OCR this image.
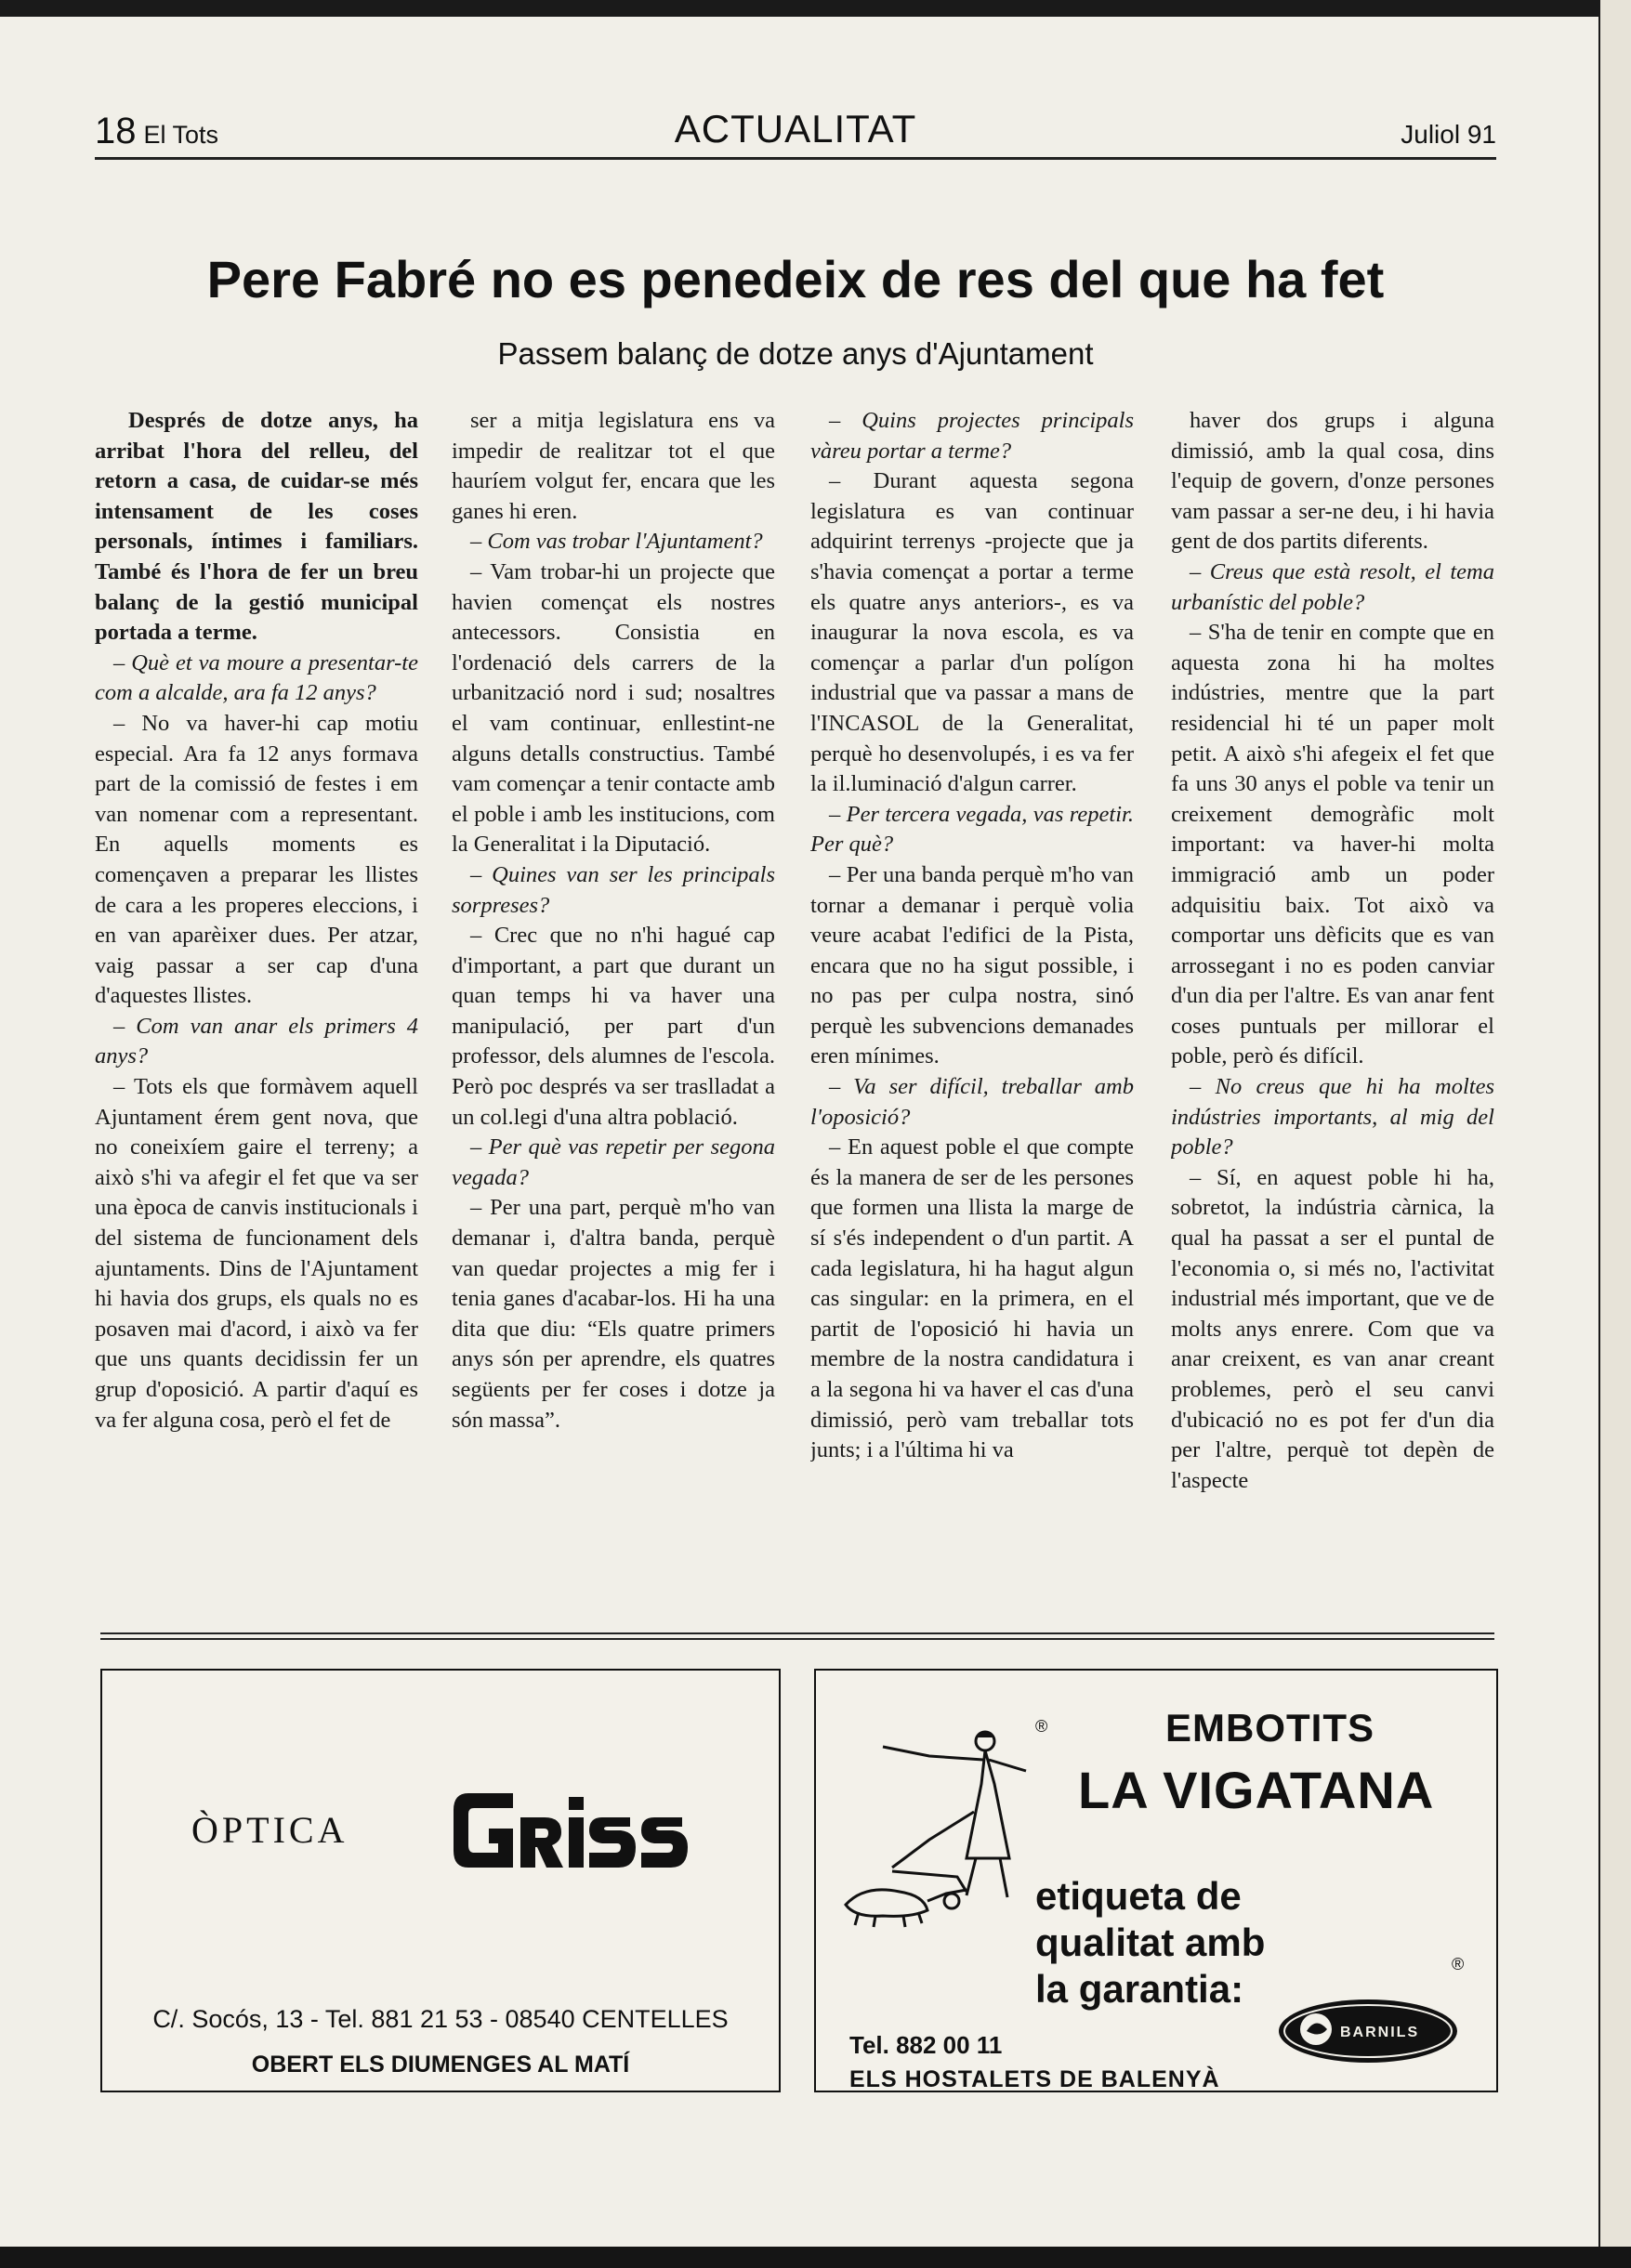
18 El Tots	ACTUALITAT	Juliol 91
Pere Fabré no es penedeix de res del que ha fet
Passem balanç de dotze anys d'Ajuntament

Després de dotze anys, ha arribat l'hora del relleu, del retorn a casa, de cuidar-se més intensament de les coses personals, íntimes i familiars. També és l'hora de fer un breu balanç de la gestió municipal portada a terme.

– Què et va moure a presentar-te com a alcalde, ara fa 12 anys?

– No va haver-hi cap motiu especial. Ara fa 12 anys formava part de la comissió de festes i em van nomenar com a representant. En aquells moments es començaven a preparar les llistes de cara a les properes eleccions, i en van aparèixer dues. Per atzar, vaig passar a ser cap d'una d'aquestes llistes.

– Com van anar els primers 4 anys?

– Tots els que formàvem aquell Ajuntament érem gent nova, que no coneixíem gaire el terreny; a això s'hi va afegir el fet que va ser una època de canvis institucionals i del sistema de funcionament dels ajuntaments. Dins de l'Ajuntament hi havia dos grups, els quals no es posaven mai d'acord, i això va fer que uns quants decidissin fer un grup d'oposició. A partir d'aquí es va fer alguna cosa, però el fet de

ser a mitja legislatura ens va impedir de realitzar tot el que hauríem volgut fer, encara que les ganes hi eren.

– Com vas trobar l'Ajuntament?

– Vam trobar-hi un projecte que havien començat els nostres antecessors. Consistia en l'ordenació dels carrers de la urbanització nord i sud; nosaltres el vam continuar, enllestint-ne alguns detalls constructius. També vam començar a tenir contacte amb el poble i amb les institucions, com la Generalitat i la Diputació.

– Quines van ser les principals sorpreses?

– Crec que no n'hi hagué cap d'important, a part que durant un quan temps hi va haver una manipulació, per part d'un professor, dels alumnes de l'escola. Però poc després va ser traslladat a un col.legi d'una altra població.

– Per què vas repetir per segona vegada?

– Per una part, perquè m'ho van demanar i, d'altra banda, perquè van quedar projectes a mig fer i tenia ganes d'acabar-los. Hi ha una dita que diu: “Els quatre primers anys són per aprendre, els quatres següents per fer coses i dotze ja són massa”.

– Quins projectes principals vàreu portar a terme?

– Durant aquesta segona legislatura es van continuar adquirint terrenys -projecte que ja s'havia començat a portar a terme els quatre anys anteriors-, es va inaugurar la nova escola, es va començar a parlar d'un polígon industrial que va passar a mans de l'INCASOL de la Generalitat, perquè ho desenvolupés, i es va fer la il.luminació d'algun carrer.

– Per tercera vegada, vas repetir. Per què?

– Per una banda perquè m'ho van tornar a demanar i perquè volia veure acabat l'edifici de la Pista, encara que no ha sigut possible, i no pas per culpa nostra, sinó perquè les subvencions demanades eren mínimes.

– Va ser difícil, treballar amb l'oposició?

– En aquest poble el que compte és la manera de ser de les persones que formen una llista la marge de sí s'és independent o d'un partit. A cada legislatura, hi ha hagut algun cas singular: en la primera, en el partit de l'oposició hi havia un membre de la nostra candidatura i a la segona hi va haver el cas d'una dimissió, però vam treballar tots junts; i a l'última hi va

haver dos grups i alguna dimissió, amb la qual cosa, dins l'equip de govern, d'onze persones vam passar a ser-ne deu, i hi havia gent de dos partits diferents.

– Creus que està resolt, el tema urbanístic del poble?

– S'ha de tenir en compte que en aquesta zona hi ha moltes indústries, mentre que la part residencial hi té un paper molt petit. A això s'hi afegeix el fet que fa uns 30 anys el poble va tenir un creixement demogràfic molt important: va haver-hi molta immigració amb un poder adquisitiu baix. Tot això va comportar uns dèficits que es van arrossegant i no es poden canviar d'un dia per l'altre. Es van anar fent coses puntuals per millorar el poble, però és difícil.

– No creus que hi ha moltes indústries importants, al mig del poble?

– Sí, en aquest poble hi ha, sobretot, la indústria càrnica, la qual ha passat a ser el puntal de l'economia o, si més no, l'activitat industrial més important, que ve de molts anys enrere. Com que va anar creixent, es van anar creant problemes, però el seu canvi d'ubicació no es pot fer d'un dia per l'altre, perquè tot depèn de l'aspecte

ÒPTICA
C/. Socós, 13 - Tel. 881 21 53 - 08540 CENTELLES
OBERT ELS DIUMENGES AL MATÍ
®	EMBOTITS
LA VIGATANA
etiqueta de
qualitat amb
la garantia:
BARNILS
®
Tel. 882 00 11
ELS HOSTALETS DE BALENYÀ
